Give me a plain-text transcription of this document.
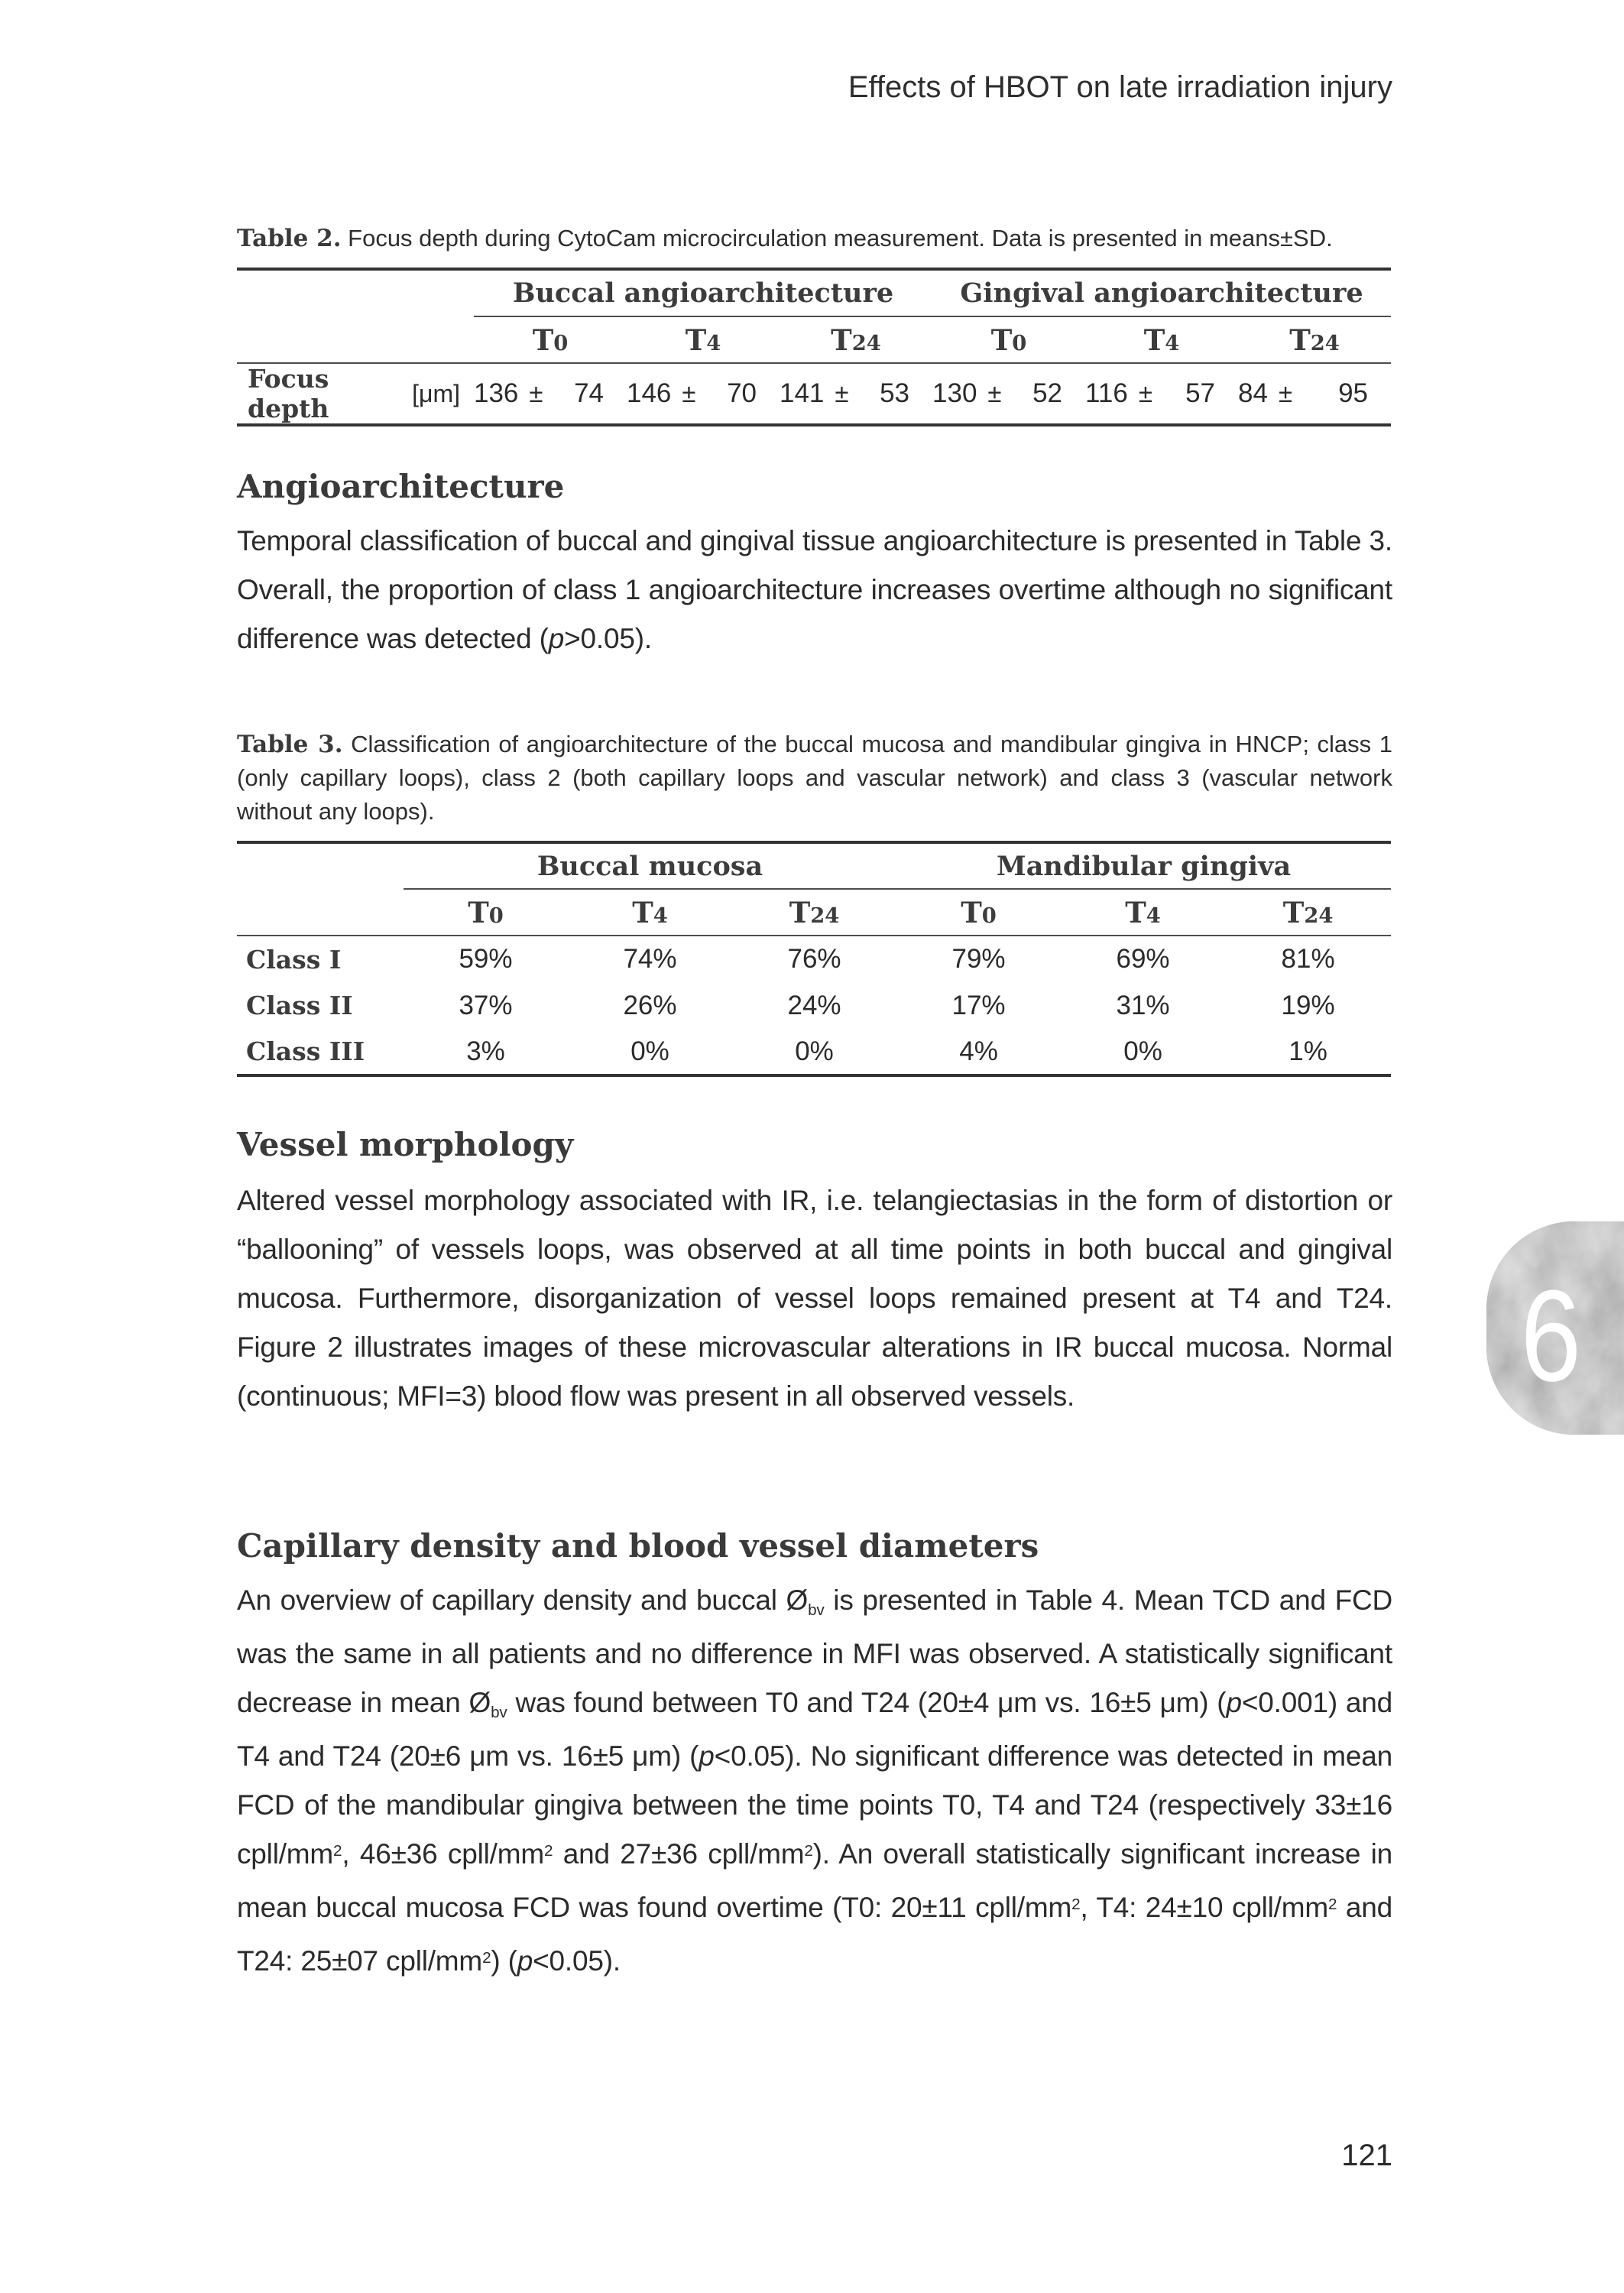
Effects of HBOT on late irradiation injury
Table 2. Focus depth during CytoCam microcirculation measurement. Data is presented in means±SD.
	Buccal angioarchitecture			Gingival angioarchitecture		
	T0	T4	T24	T0	T4	T24

Focus depth
[μm]	136 ± 74	146 ± 70	141 ± 53	130 ± 52	116 ± 57	84 ± 95
Angioarchitecture

Temporal classification of buccal and gingival tissue angioarchitecture is presented in Table 3. Overall, the proportion of class 1 angioarchitecture increases overtime although no significant difference was detected (p>0.05).

Table 3. Classification of angioarchitecture of the buccal mucosa and mandibular gingiva in HNCP; class 1 (only capillary loops), class 2 (both capillary loops and vascular network) and class 3 (vascular network without any loops).
	Buccal mucosa			Mandibular gingiva		
	T0	T4	T24	T0	T4	T24

Class I	59%	74%	76%	79%	69%	81%

Class II	37%	26%	24%	17%	31%	19%

Class III	3%	0%	0%	4%	0%	1%
Vessel morphology

Altered vessel morphology associated with IR, i.e. telangiectasias in the form of distortion or “ballooning” of vessels loops, was observed at all time points in both buccal and gingival mucosa. Furthermore, disorganization of vessel loops remained present at T4 and T24. Figure 2 illustrates images of these microvascular alterations in IR buccal mucosa. Normal (continuous; MFI=3) blood flow was present in all observed vessels.

Capillary density and blood vessel diameters

An overview of capillary density and buccal Øbv is presented in Table 4. Mean TCD and FCD was the same in all patients and no difference in MFI was observed. A statistically significant decrease in mean Øbv was found between T0 and T24 (20±4 μm vs. 16±5 μm) (p<0.001) and T4 and T24 (20±6 μm vs. 16±5 μm) (p<0.05). No significant difference was detected in mean FCD of the mandibular gingiva between the time points T0, T4 and T24 (respectively 33±16 cpll/$mm^2$, 46±36 cpll/$mm^2$ and 27±36 cpll/$mm^2$). An overall statistically significant increase in mean buccal mucosa FCD was found overtime (T0: 20±11 cpll/$mm^2$, T4: 24±10 cpll/$mm^2$ and T24: 25±07 cpll/$mm^2$) (p<0.05).

6
121
